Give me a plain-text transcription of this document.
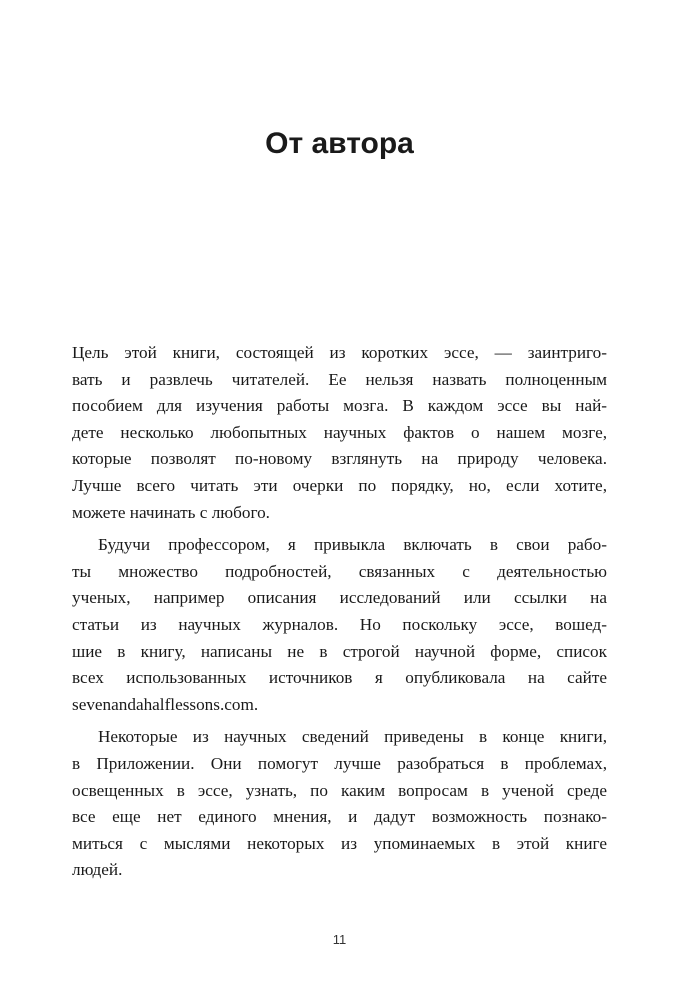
От автора

Цель этой книги, состоящей из коротких эссе, — заинтриго-
вать и развлечь читателей. Ее нельзя назвать полноценным
пособием для изучения работы мозга. В каждом эссе вы най-
дете несколько любопытных научных фактов о нашем мозге,
которые позволят по-новому взглянуть на природу человека.
Лучше всего читать эти очерки по порядку, но, если хотите,
можете начинать с любого.

Будучи профессором, я привыкла включать в свои рабо-
ты множество подробностей, связанных с деятельностью
ученых, например описания исследований или ссылки на
статьи из научных журналов. Но поскольку эссе, вошед-
шие в книгу, написаны не в строгой научной форме, список
всех использованных источников я опубликовала на сайте
sevenandahalflessons.com.

Некоторые из научных сведений приведены в конце книги,
в Приложении. Они помогут лучше разобраться в проблемах,
освещенных в эссе, узнать, по каким вопросам в ученой среде
все еще нет единого мнения, и дадут возможность познако-
миться с мыслями некоторых из упоминаемых в этой книге
людей.

11
